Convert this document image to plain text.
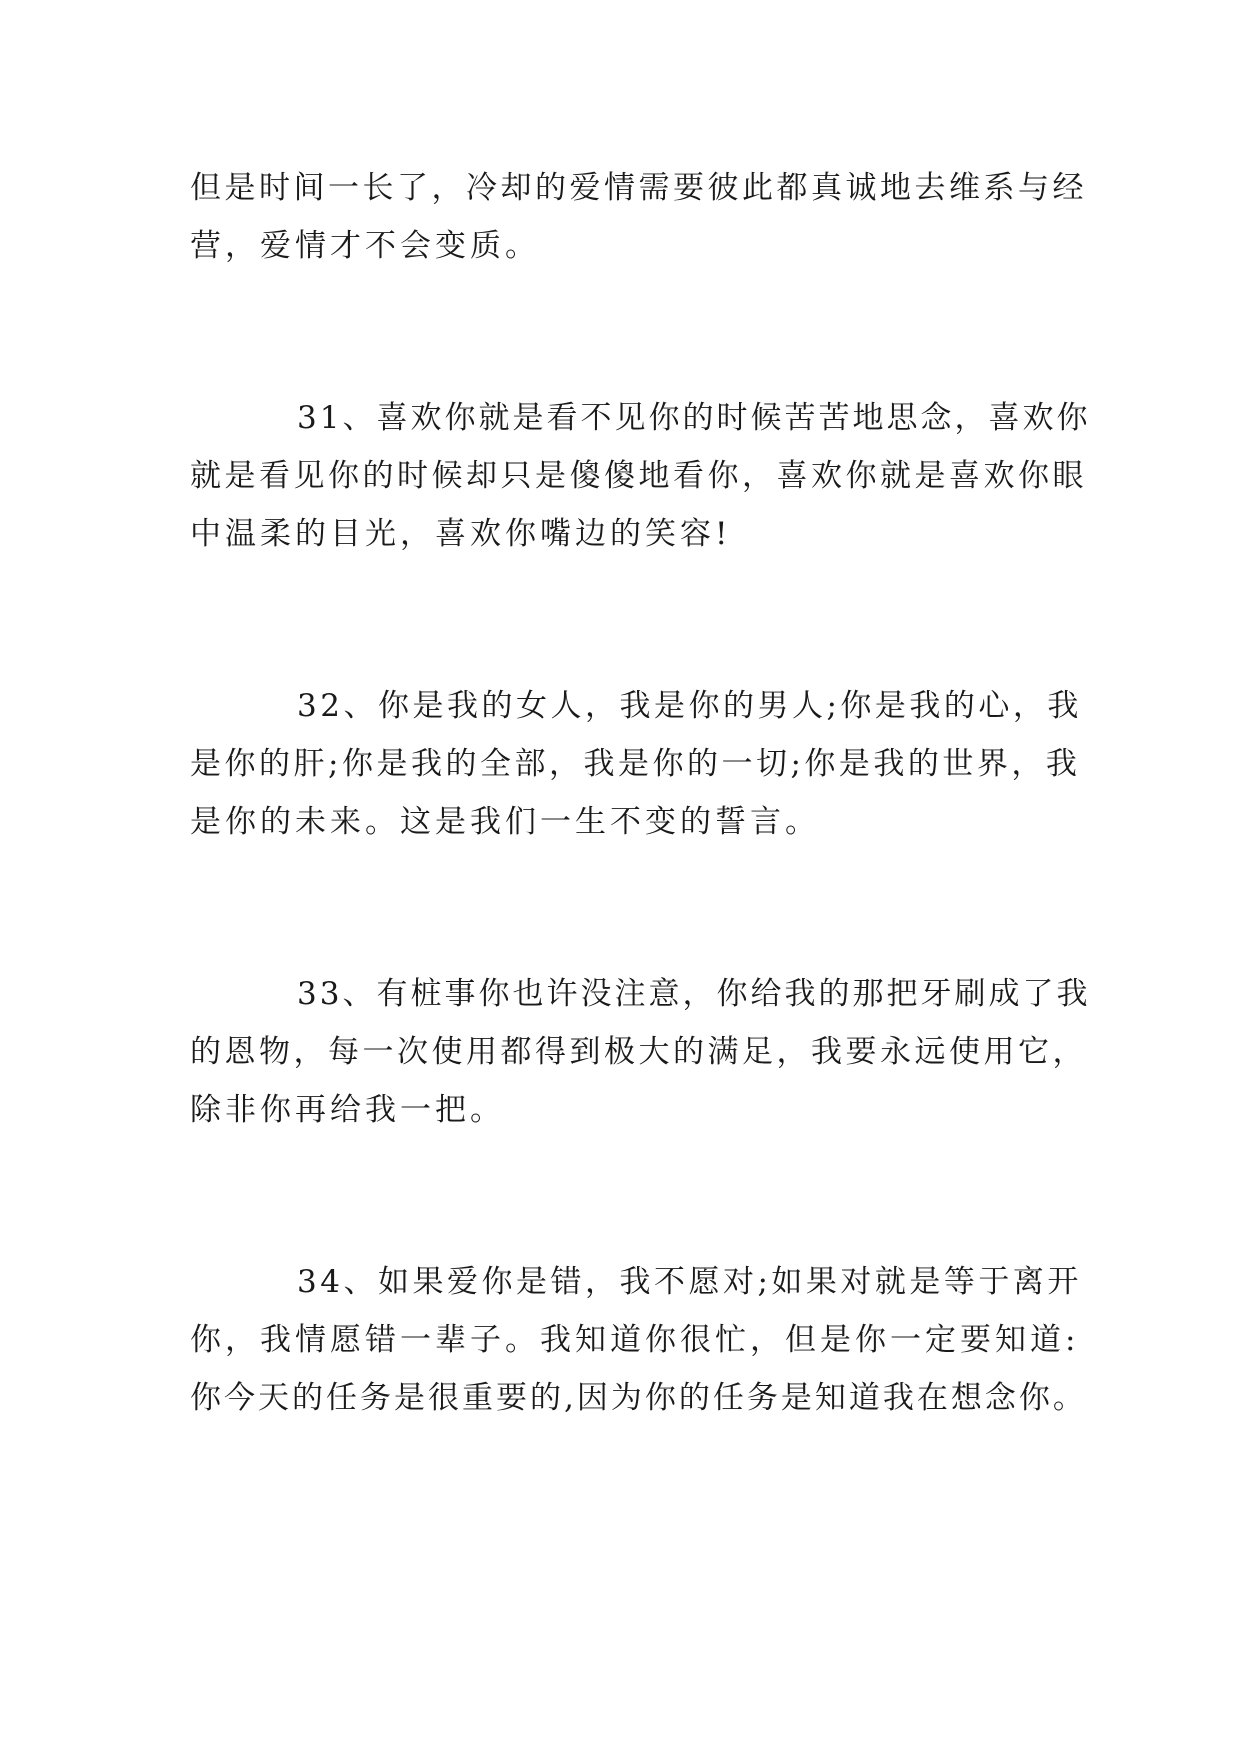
但是时间一长了，冷却的爱情需要彼此都真诚地去维系与经

营，爱情才不会变质。

31、喜欢你就是看不见你的时候苦苦地思念，喜欢你

就是看见你的时候却只是傻傻地看你，喜欢你就是喜欢你眼

中温柔的目光，喜欢你嘴边的笑容!

32、你是我的女人，我是你的男人;你是我的心，我

是你的肝;你是我的全部，我是你的一切;你是我的世界，我

是你的未来。这是我们一生不变的誓言。

33、有桩事你也许没注意，你给我的那把牙刷成了我

的恩物，每一次使用都得到极大的满足，我要永远使用它，

除非你再给我一把。

34、如果爱你是错，我不愿对;如果对就是等于离开

你，我情愿错一辈子。我知道你很忙，但是你一定要知道:

你今天的任务是很重要的,因为你的任务是知道我在想念你。
